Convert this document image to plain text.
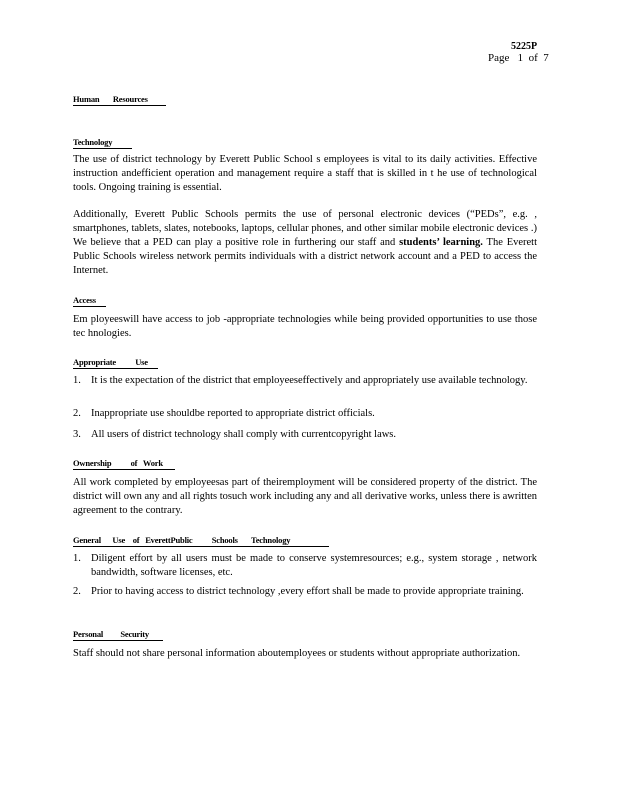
5225P
Page   1  of  7
Human       Resources
Technology

The use of district technology by Everett Public School s employees is vital to its daily activities. Effective instruction andefficient operation and management require a staff that is skilled in t he use of technological tools. Ongoing training is essential.

Additionally, Everett Public Schools permits the use of personal electronic devices (“PEDs”, e.g. , smartphones, tablets, slates, notebooks, laptops, cellular phones, and other similar mobile electronic devices .) We believe that a PED can play a positive role in furthering our staff and students’ learning. The Everett Public Schools wireless network permits individuals with a district network account and a PED to access the Internet.

Access

Em ployeeswill have access to job -appropriate technologies while being provided opportunities to use those tec hnologies.

Appropriate          Use
1. It is the expectation of the district that employeeseffectively and appropriately use available technology.
2. Inappropriate use shouldbe reported to appropriate district officials.
3. All users of district technology shall comply with currentcopyright laws.
Ownership          of   Work

All work completed by employeesas part of theiremployment will be considered property of the district. The district will own any and all rights tosuch work including any and all derivative works, unless there is awritten agreement to the contrary.

General      Use    of   EverettPublic          Schools       Technology
1. Diligent effort by all users must be made to conserve systemresources; e.g., system storage , network bandwidth, software licenses, etc.
2. Prior to having access to district technology ,every effort shall be made to provide appropriate training.
Personal         Security

Staff should not share personal information aboutemployees or students without appropriate authorization.
